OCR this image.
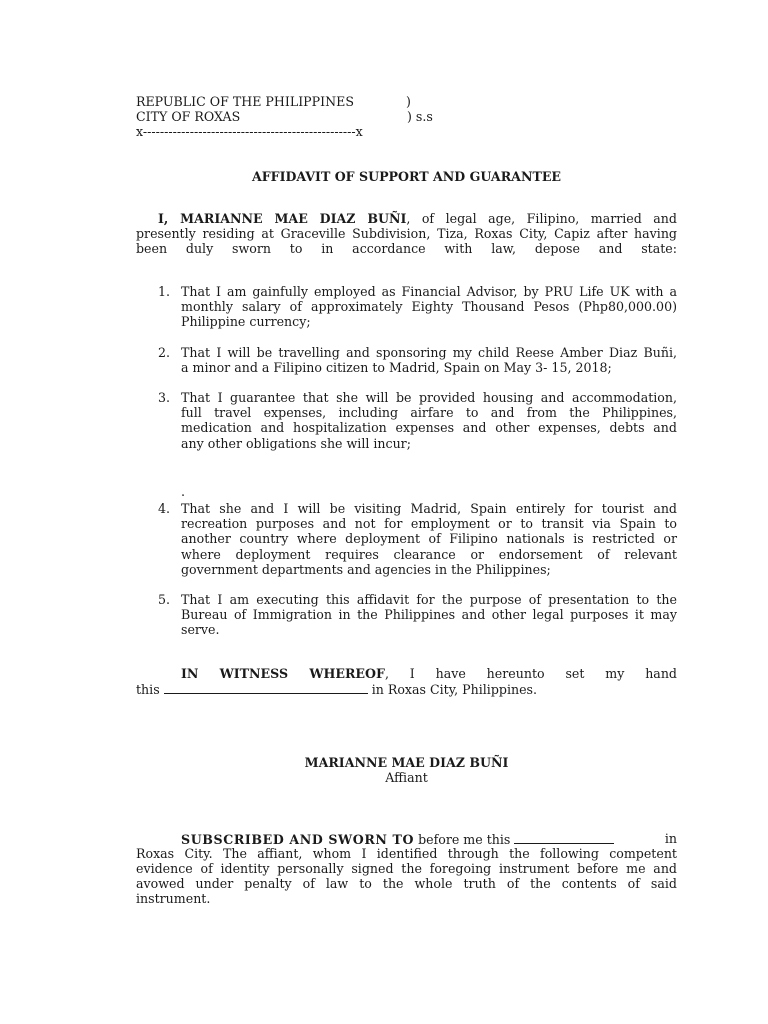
REPUBLIC OF THE PHILIPPINES	)
CITY OF ROXAS	) s.s
x--------------------------------------------------x
AFFIDAVIT OF SUPPORT AND GUARANTEE
I, MARIANNE MAE DIAZ BUÑI, of legal age, Filipino, married and
presently residing at Graceville Subdivision, Tiza, Roxas City, Capiz after having
been duly sworn to in accordance with law, depose and state:
1. That I am gainfully employed as Financial Advisor, by PRU Life UK with a
monthly salary of approximately Eighty Thousand Pesos (Php80,000.00)
Philippine currency;
2. That I will be travelling and sponsoring my child Reese Amber Diaz Buñi,
a minor and a Filipino citizen to Madrid, Spain on May 3- 15, 2018;
3. That I guarantee that she will be provided housing and accommodation,
full travel expenses, including airfare to and from the Philippines,
medication and hospitalization expenses and other expenses, debts and
any other obligations she will incur;
.
4. That she and I will be visiting Madrid, Spain entirely for tourist and
recreation purposes and not for employment or to transit via Spain to
another country where deployment of Filipino nationals is restricted or
where deployment requires clearance or endorsement of relevant
government departments and agencies in the Philippines;
5. That I am executing this affidavit for the purpose of presentation to the
Bureau of Immigration in the Philippines and other legal purposes it may
serve.
IN WITNESS WHEREOF, I have hereunto set my hand
this	in Roxas City, Philippines.
MARIANNE MAE DIAZ BUÑI
Affiant
SUBSCRIBED AND SWORN TO before me this	in
Roxas City. The affiant, whom I identified through the following competent
evidence of identity personally signed the foregoing instrument before me and
avowed under penalty of law to the whole truth of the contents of said
instrument.
